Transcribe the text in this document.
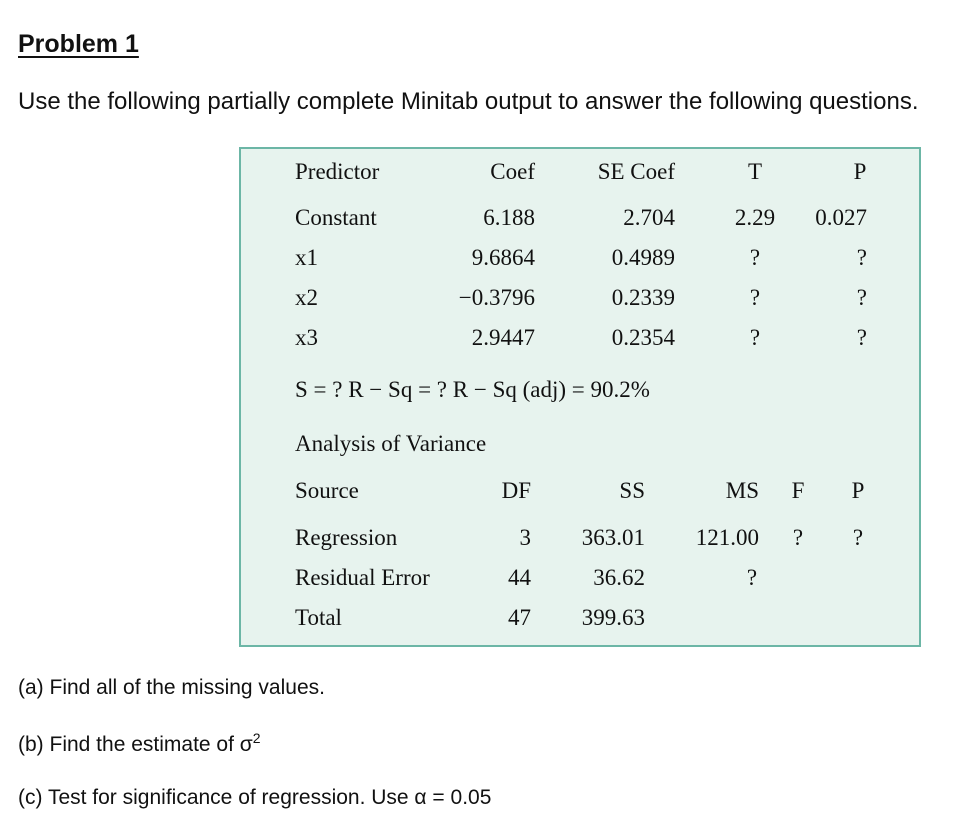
Problem 1

Use the following partially complete Minitab output to answer the following questions.

Predictor	Coef	SE Coef	T	P
Constant	6.188	2.704	2.29	0.027
x1	9.6864	0.4989	?	?
x2	−0.3796	0.2339	?	?
x3	2.9447	0.2354	?	?
S = ? R − Sq = ? R − Sq (adj) = 90.2%
Analysis of Variance
Source	DF	SS	MS	F	P
Regression	3	363.01	121.00	?	?
Residual Error	44	36.62	?
Total	47	399.63

(a) Find all of the missing values.

(b) Find the estimate of $\sigma^2$

(c) Test for significance of regression. Use α = 0.05
